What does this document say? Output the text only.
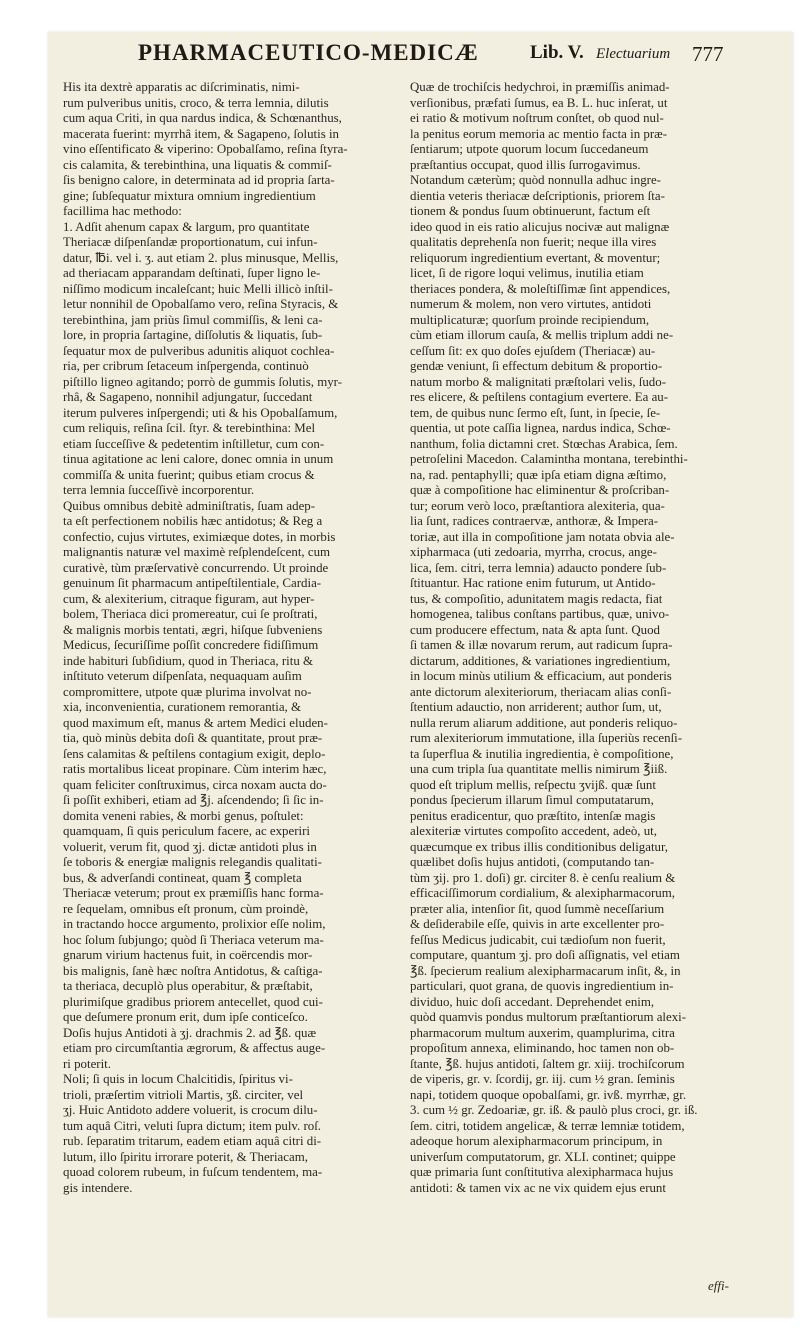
PHARMACEUTICO-MEDICÆ	Lib. V. Electuarium 777
His ita dextrè apparatis ac diſcriminatis, nimi-
rum pulveribus unitis, croco, & terra lemnia, dilutis
cum aqua Criti, in qua nardus indica, & Schœnanthus,
macerata fuerint: myrrhâ item, & Sagapeno, ſolutis in
vino eſſentificato & viperino: Opobalſamo, reſina ſtyra-
cis calamita, & terebinthina, una liquatis & commiſ-
ſis benigno calore, in determinata ad id propria ſarta-
gine; ſubſequatur mixtura omnium ingredientium
facillima hac methodo:
1. Adſit ahenum capax & largum, pro quantitate
Theriacæ diſpenſandæ proportionatum, cui infun-
datur, ℔i. vel i. ʒ. aut etiam 2. plus minusque, Mellis,
ad theriacam apparandam deſtinati, ſuper ligno le-
niſſimo modicum incaleſcant; huic Melli illicò inſtil-
letur nonnihil de Opobalſamo vero, reſina Styracis, &
terebinthina, jam priùs ſimul commiſſis, & leni ca-
lore, in propria ſartagine, diſſolutis & liquatis, ſub-
ſequatur mox de pulveribus adunitis aliquot cochlea-
ria, per cribrum ſetaceum inſpergenda, continuò
piſtillo ligneo agitando; porrò de gummis ſolutis, myr-
rhâ, & Sagapeno, nonnihil adjungatur, ſuccedant
iterum pulveres inſpergendi; uti & his Opobalſamum,
cum reliquis, reſina ſcil. ſtyr. & terebinthina: Mel
etiam ſucceſſive & pedetentim inſtilletur, cum con-
tinua agitatione ac leni calore, donec omnia in unum
commiſſa & unita fuerint; quibus etiam crocus &
terra lemnia ſucceſſivè incorporentur.
Quibus omnibus debitè adminiſtratis, ſuam adep-
ta eſt perfectionem nobilis hæc antidotus; & Reg a
confectio, cujus virtutes, eximiæque dotes, in morbis
malignantis naturæ vel maximè reſplendeſcent, cum
curativè, tùm præſervativè concurrendo. Ut proinde
genuinum ſit pharmacum antipeſtilentiale, Cardia-
cum, & alexiterium, citraque figuram, aut hyper-
bolem, Theriaca dici promereatur, cui ſe proſtrati,
& malignis morbis tentati, ægri, hiſque ſubveniens
Medicus, ſecuriſſime poſſit concredere fidiſſimum
inde habituri ſubſidium, quod in Theriaca, ritu &
inſtituto veterum diſpenſata, nequaquam auſim
compromittere, utpote quæ plurima involvat no-
xia, inconvenientia, curationem remorantia, &
quod maximum eſt, manus & artem Medici eluden-
tia, quò minùs debita doſi & quantitate, prout præ-
ſens calamitas & peſtilens contagium exigit, deplo-
ratis mortalibus liceat propinare. Cùm interim hæc,
quam feliciter conſtruximus, circa noxam aucta do-
ſi poſſit exhiberi, etiam ad ℥j. aſcendendo; ſi ſic in-
domita veneni rabies, & morbi genus, poſtulet:
quamquam, ſi quis periculum facere, ac experiri
voluerit, verum fit, quod ʒj. dictæ antidoti plus in
ſe toboris & energiæ malignis relegandis qualitati-
bus, & adverſandi contineat, quam ℥ completa
Theriacæ veterum; prout ex præmiſſis hanc forma-
re ſequelam, omnibus eſt pronum, cùm proindè,
in tractando hocce argumento, prolixior eſſe nolim,
hoc ſolum ſubjungo; quòd ſi Theriaca veterum ma-
gnarum virium hactenus fuit, in coërcendis mor-
bis malignis, ſanè hæc noſtra Antidotus, & caſtiga-
ta theriaca, decuplò plus operabitur, & præſtabit,
plurimiſque gradibus priorem antecellet, quod cui-
que deſumere pronum erit, dum ipſe conticeſco.
Doſis hujus Antidoti à ʒj. drachmis 2. ad ℥ß. quæ
etiam pro circumſtantia ægrorum, & affectus auge-
ri poterit.
Noli; ſi quis in locum Chalcitidis, ſpiritus vi-
trioli, præſertim vitrioli Martis, ʒß. circiter, vel
ʒj. Huic Antidoto addere voluerit, is crocum dilu-
tum aquâ Citri, veluti ſupra dictum; item pulv. roſ.
rub. ſeparatim tritarum, eadem etiam aquâ citri di-
lutum, illo ſpiritu irrorare poterit, & Theriacam,
quoad colorem rubeum, in fuſcum tendentem, ma-
gis intendere.
Quæ de trochiſcis hedychroi, in præmiſſis animad-
verſionibus, præfati ſumus, ea B. L. huc inſerat, ut
ei ratio & motivum noſtrum conſtet, ob quod nul-
la penitus eorum memoria ac mentio facta in præ-
ſentiarum; utpote quorum locum ſuccedaneum
præſtantius occupat, quod illis ſurrogavimus.
Notandum cæterùm; quòd nonnulla adhuc ingre-
dientia veteris theriacæ deſcriptionis, priorem ſta-
tionem & pondus ſuum obtinuerunt, factum eſt
ideo quod in eis ratio alicujus nocivæ aut malignæ
qualitatis deprehenſa non fuerit; neque illa vires
reliquorum ingredientium evertant, & moventur;
licet, ſi de rigore loqui velimus, inutilia etiam
theriaces pondera, & moleſtiſſimæ ſint appendices,
numerum & molem, non vero virtutes, antidoti
multiplicaturæ; quorſum proinde recipiendum,
cùm etiam illorum cauſa, & mellis triplum addi ne-
ceſſum ſit: ex quo doſes ejuſdem (Theriacæ) au-
gendæ veniunt, ſi effectum debitum & proportio-
natum morbo & malignitati præſtolari velis, ſudo-
res elicere, & peſtilens contagium evertere. Ea au-
tem, de quibus nunc ſermo eſt, ſunt, in ſpecie, ſe-
quentia, ut pote caſſia lignea, nardus indica, Schœ-
nanthum, folia dictamni cret. Stœchas Arabica, ſem.
petroſelini Macedon. Calamintha montana, terebinthi-
na, rad. pentaphylli; quæ ipſa etiam digna æſtimo,
quæ à compoſitione hac eliminentur & proſcriban-
tur; eorum verò loco, præſtantiora alexiteria, qua-
lia ſunt, radices contraervæ, anthoræ, & Impera-
toriæ, aut illa in compoſitione jam notata obvia ale-
xipharmaca (uti zedoaria, myrrha, crocus, ange-
lica, ſem. citri, terra lemnia) adaucto pondere ſub-
ſtituantur. Hac ratione enim futurum, ut Antido-
tus, & compoſitio, adunitatem magis redacta, fiat
homogenea, talibus conſtans partibus, quæ, univo-
cum producere effectum, nata & apta ſunt. Quod
ſi tamen & illæ novarum rerum, aut radicum ſupra-
dictarum, additiones, & variationes ingredientium,
in locum minùs utilium & efficacium, aut ponderis
ante dictorum alexiteriorum, theriacam alias conſi-
ſtentium adauctio, non arriderent; author ſum, ut,
nulla rerum aliarum additione, aut ponderis reliquo-
rum alexiteriorum immutatione, illa ſuperiùs recenſi-
ta ſuperflua & inutilia ingredientia, è compoſitione,
una cum tripla ſua quantitate mellis nimirum ℥iiß.
quod eſt triplum mellis, reſpectu ʒvijß. quæ ſunt
pondus ſpecierum illarum ſimul computatarum,
penitus eradicentur, quo præſtito, intenſæ magis
alexiteriæ virtutes compoſito accedent, adeò, ut,
quæcumque ex tribus illis conditionibus deligatur,
quælibet doſis hujus antidoti, (computando tan-
tùm ʒij. pro 1. doſi) gr. circiter 8. è cenſu realium &
efficaciſſimorum cordialium, & alexipharmacorum,
præter alia, intenſior ſit, quod ſummè neceſſarium
& deſiderabile eſſe, quivis in arte excellenter pro-
feſſus Medicus judicabit, cui tædioſum non fuerit,
computare, quantum ʒj. pro doſi aſſignatis, vel etiam
℥ß. ſpecierum realium alexipharmacarum inſit, &, in
particulari, quot grana, de quovis ingredientium in-
dividuo, huic doſi accedant. Deprehendet enim,
quòd quamvis pondus multorum præſtantiorum alexi-
pharmacorum multum auxerim, quamplurima, citra
propoſitum annexa, eliminando, hoc tamen non ob-
ſtante, ℥ß. hujus antidoti, ſaltem gr. xiij. trochiſcorum
de viperis, gr. v. ſcordij, gr. iij. cum ½ gran. ſeminis
napi, totidem quoque opobalſami, gr. ivß. myrrhæ, gr.
3. cum ½ gr. Zedoariæ, gr. iß. & paulò plus croci, gr. iß.
ſem. citri, totidem angelicæ, & terræ lemniæ totidem,
adeoque horum alexipharmacorum principum, in
univerſum computatorum, gr. XLI. continet; quippe
quæ primaria ſunt conſtitutiva alexipharmaca hujus
antidoti: & tamen vix ac ne vix quidem ejus erunt
effi-
